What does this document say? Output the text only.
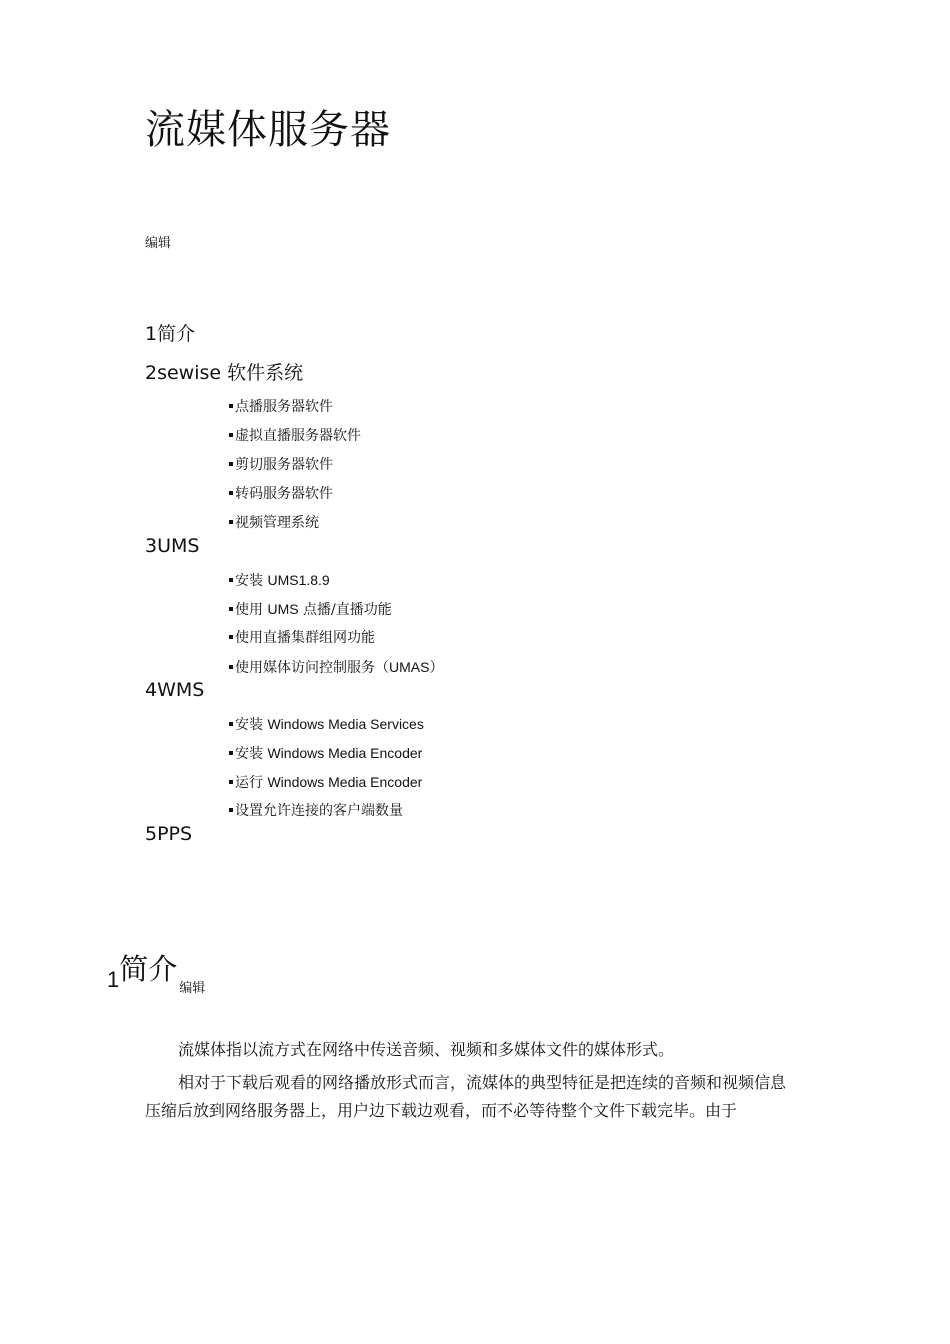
流媒体服务器
编辑
1简介
2sewise 软件系统
点播服务器软件
虚拟直播服务器软件
剪切服务器软件
转码服务器软件
视频管理系统
3UMS
安装 UMS1.8.9
使用 UMS 点播/直播功能
使用直播集群组网功能
使用媒体访问控制服务（UMAS）
4WMS
安装 Windows Media Services
安装 Windows Media Encoder
运行 Windows Media Encoder
设置允许连接的客户端数量
5PPS
1简介编辑

流媒体指以流方式在网络中传送音频、视频和多媒体文件的媒体形式。

相对于下载后观看的网络播放形式而言，流媒体的典型特征是把连续的音频和视频信息
压缩后放到网络服务器上，用户边下载边观看，而不必等待整个文件下载完毕。由于
